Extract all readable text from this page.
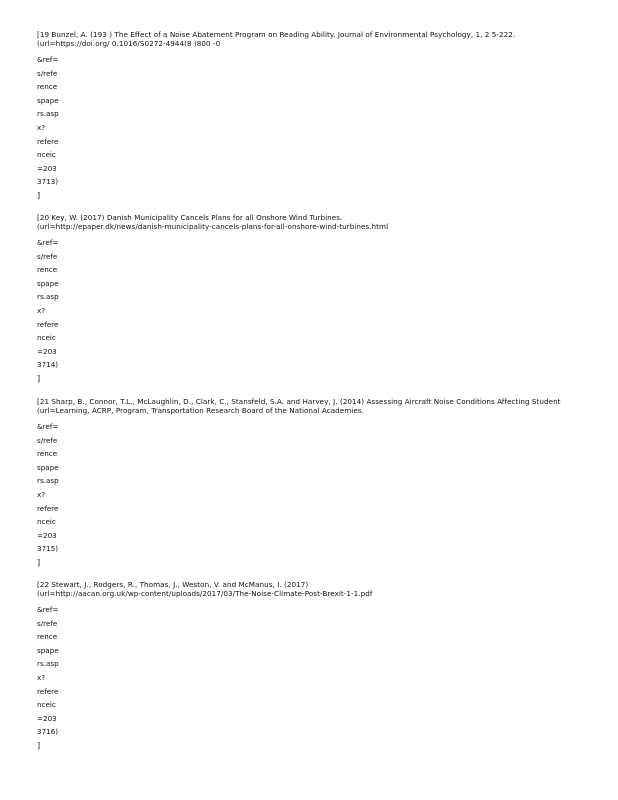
[19 Bunzel, A. (193 ) The Effect of a Noise Abatement Program on Reading Ability. Journal of Environmental Psychology, 1, 2 5-222.
(url=https://doi.org/ 0.1016/S0272-4944(8 )800 -0
&ref=
s/refe
rence
spape
rs.asp
x?
refere
nceic
=203
3713)
]
[20 Key, W. (2017) Danish Municipality Cancels Plans for all Onshore Wind Turbines.
(url=http://epaper.dk/news/danish-municipality-cancels-plans-for-all-onshore-wind-turbines.html
&ref=
s/refe
rence
spape
rs.asp
x?
refere
nceic
=203
3714)
]
[21 Sharp, B., Connor, T.L., McLaughlin, D., Clark, C., Stansfeld, S.A. and Harvey, J. (2014) Assessing Aircraft Noise Conditions Affecting Student
(url=Learning, ACRP, Program, Transportation Research Board of the National Academies.
&ref=
s/refe
rence
spape
rs.asp
x?
refere
nceic
=203
3715)
]
[22 Stewart, J., Rodgers, R., Thomas, J., Weston, V. and McManus, I. (2017)
(url=http://aacan.org.uk/wp-content/uploads/2017/03/The-Noise-Climate-Post-Brexit-1-1.pdf
&ref=
s/refe
rence
spape
rs.asp
x?
refere
nceic
=203
3716)
]
